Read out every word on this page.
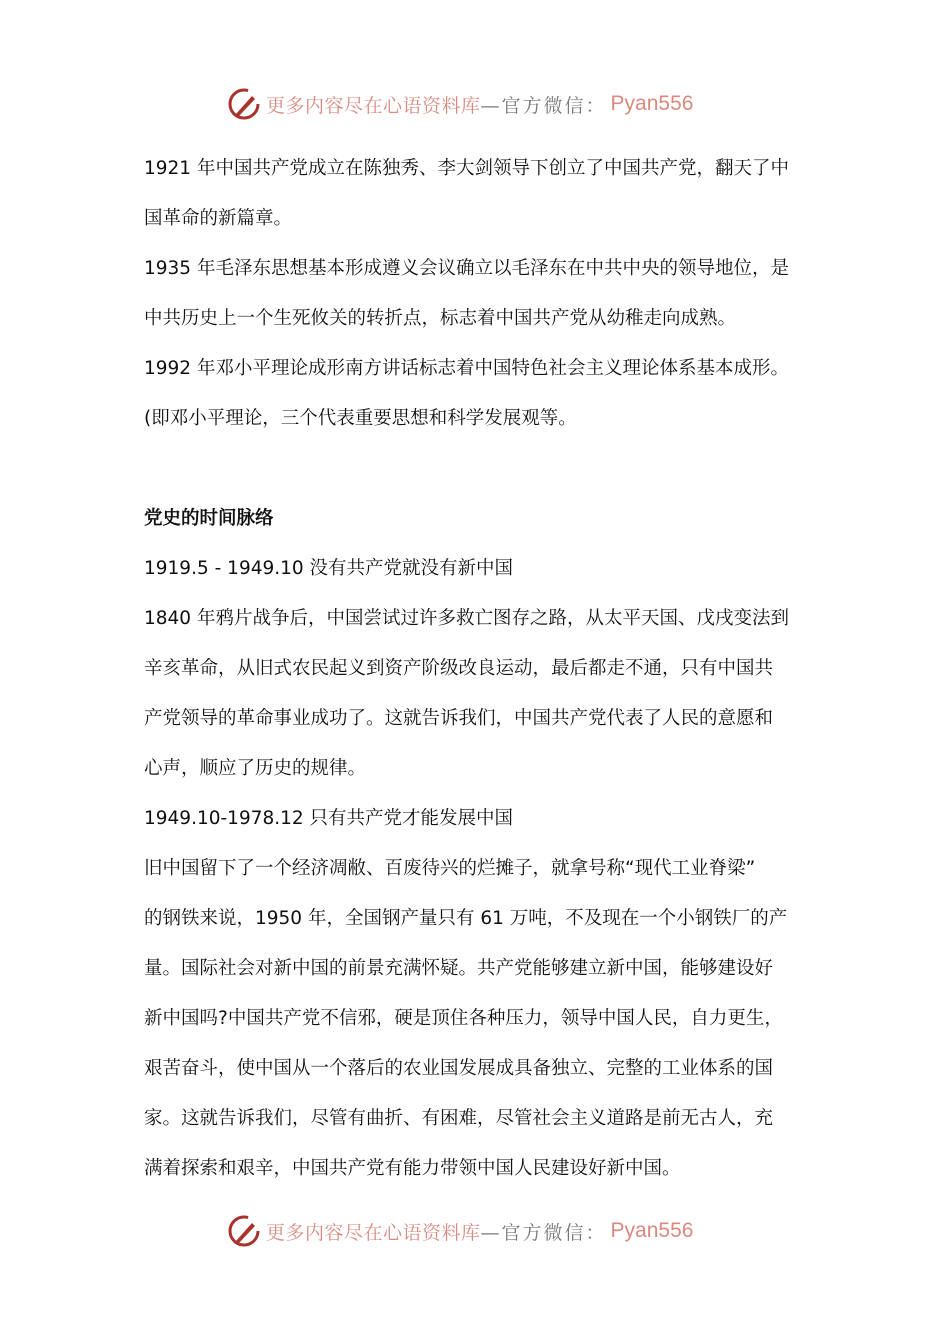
更多内容尽在心语资料库 —官方微信： Pyan556
1921 年中国共产党成立在陈独秀、李大剑领导下创立了中国共产党，翻天了中
国革命的新篇章。
1935 年毛泽东思想基本形成遵义会议确立以毛泽东在中共中央的领导地位，是
中共历史上一个生死攸关的转折点，标志着中国共产党从幼稚走向成熟。
1992 年邓小平理论成形南方讲话标志着中国特色社会主义理论体系基本成形。
(即邓小平理论，三个代表重要思想和科学发展观等。
党史的时间脉络
1919.5 - 1949.10 没有共产党就没有新中国
1840 年鸦片战争后，中国尝试过许多救亡图存之路，从太平天国、戊戌变法到
辛亥革命，从旧式农民起义到资产阶级改良运动，最后都走不通，只有中国共
产党领导的革命事业成功了。这就告诉我们，中国共产党代表了人民的意愿和
心声，顺应了历史的规律。
1949.10-1978.12 只有共产党才能发展中国
旧中国留下了一个经济凋敝、百废待兴的烂摊子，就拿号称“现代工业脊梁”
的钢铁来说，1950 年，全国钢产量只有 61 万吨，不及现在一个小钢铁厂的产
量。国际社会对新中国的前景充满怀疑。共产党能够建立新中国，能够建设好
新中国吗?中国共产党不信邪，硬是顶住各种压力，领导中国人民，自力更生，
艰苦奋斗，使中国从一个落后的农业国发展成具备独立、完整的工业体系的国
家。这就告诉我们，尽管有曲折、有困难，尽管社会主义道路是前无古人，充
满着探索和艰辛，中国共产党有能力带领中国人民建设好新中国。
更多内容尽在心语资料库 —官方微信： Pyan556
